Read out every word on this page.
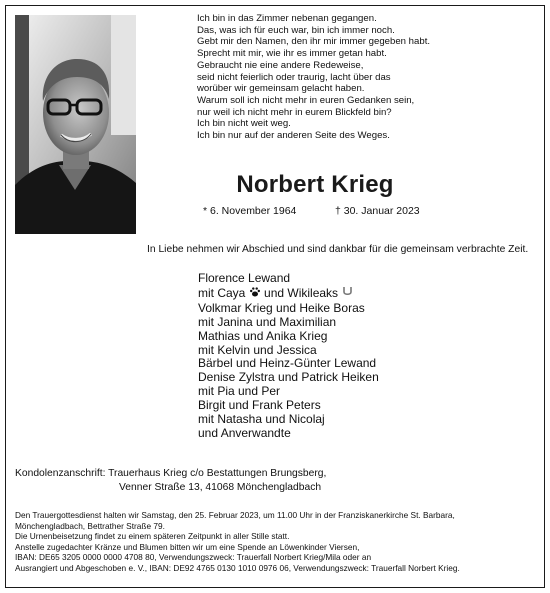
Ich bin in das Zimmer nebenan gegangen.
Das, was ich für euch war, bin ich immer noch.
Gebt mir den Namen, den ihr mir immer gegeben habt.
Sprecht mit mir, wie ihr es immer getan habt.
Gebraucht nie eine andere Redeweise,
seid nicht feierlich oder traurig, lacht über das
worüber wir gemeinsam gelacht haben.
Warum soll ich nicht mehr in euren Gedanken sein,
nur weil ich nicht mehr in eurem Blickfeld bin?
Ich bin nicht weit weg.
Ich bin nur auf der anderen Seite des Weges.
Norbert Krieg
* 6. November 1964	† 30. Januar 2023
In Liebe nehmen wir Abschied und sind dankbar für die gemeinsam verbrachte Zeit.
Florence Lewand
mit Caya und Wikileaks
Volkmar Krieg und Heike Boras
mit Janina und Maximilian
Mathias und Anika Krieg
mit Kelvin und Jessica
Bärbel und Heinz-Günter Lewand
Denise Zylstra und Patrick Heiken
mit Pia und Per
Birgit und Frank Peters
mit Natasha und Nicolaj
und Anverwandte
Kondolenzanschrift: Trauerhaus Krieg c/o Bestattungen Brungsberg,
Venner Straße 13, 41068 Mönchengladbach
Den Trauergottesdienst halten wir Samstag, den 25. Februar 2023, um 11.00 Uhr in der Franziskanerkirche St. Barbara,
Mönchengladbach, Bettrather Straße 79.
Die Urnenbeisetzung findet zu einem späteren Zeitpunkt in aller Stille statt.
Anstelle zugedachter Kränze und Blumen bitten wir um eine Spende an Löwenkinder Viersen,
IBAN: DE65 3205 0000 0000 4708 80, Verwendungszweck: Trauerfall Norbert Krieg/Mila oder an
Ausrangiert und Abgeschoben e. V., IBAN: DE92 4765 0130 1010 0976 06, Verwendungszweck: Trauerfall Norbert Krieg.
